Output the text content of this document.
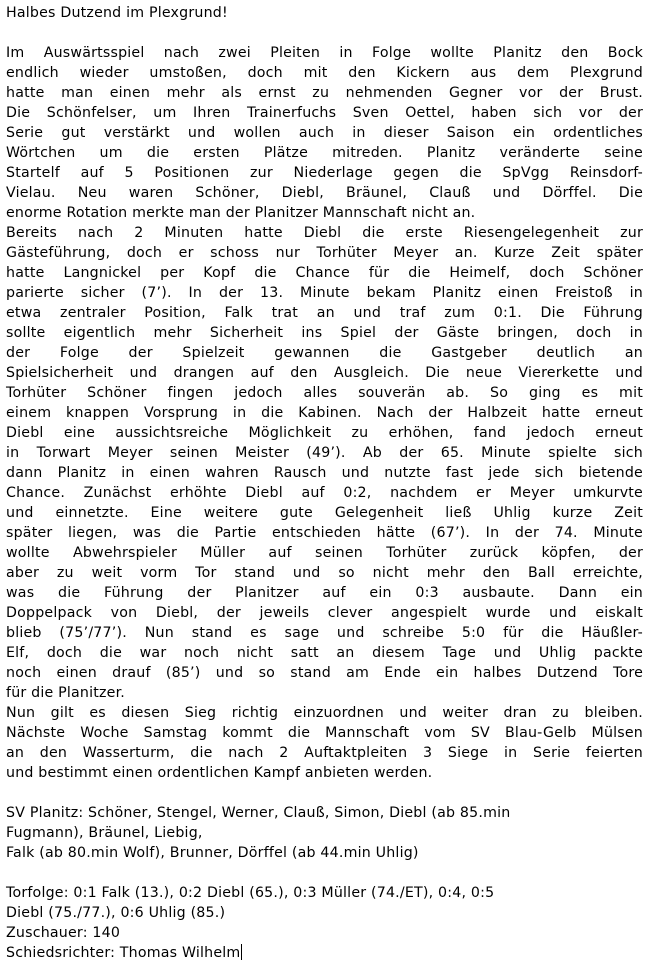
Halbes Dutzend im Plexgrund!
Im Auswärtsspiel nach zwei Pleiten in Folge wollte Planitz den Bock
endlich wieder umstoßen, doch mit den Kickern aus dem Plexgrund
hatte man einen mehr als ernst zu nehmenden Gegner vor der Brust.
Die Schönfelser, um Ihren Trainerfuchs Sven Oettel, haben sich vor der
Serie gut verstärkt und wollen auch in dieser Saison ein ordentliches
Wörtchen um die ersten Plätze mitreden. Planitz veränderte seine
Startelf auf 5 Positionen zur Niederlage gegen die SpVgg Reinsdorf-
Vielau. Neu waren Schöner, Diebl, Bräunel, Clauß und Dörffel. Die
enorme Rotation merkte man der Planitzer Mannschaft nicht an.
Bereits nach 2 Minuten hatte Diebl die erste Riesengelegenheit zur
Gästeführung, doch er schoss nur Torhüter Meyer an. Kurze Zeit später
hatte Langnickel per Kopf die Chance für die Heimelf, doch Schöner
parierte sicher (7’). In der 13. Minute bekam Planitz einen Freistoß in
etwa zentraler Position, Falk trat an und traf zum 0:1. Die Führung
sollte eigentlich mehr Sicherheit ins Spiel der Gäste bringen, doch in
der Folge der Spielzeit gewannen die Gastgeber deutlich an
Spielsicherheit und drangen auf den Ausgleich. Die neue Viererkette und
Torhüter Schöner fingen jedoch alles souverän ab. So ging es mit
einem knappen Vorsprung in die Kabinen. Nach der Halbzeit hatte erneut
Diebl eine aussichtsreiche Möglichkeit zu erhöhen, fand jedoch erneut
in Torwart Meyer seinen Meister (49’). Ab der 65. Minute spielte sich
dann Planitz in einen wahren Rausch und nutzte fast jede sich bietende
Chance. Zunächst erhöhte Diebl auf 0:2, nachdem er Meyer umkurvte
und einnetzte. Eine weitere gute Gelegenheit ließ Uhlig kurze Zeit
später liegen, was die Partie entschieden hätte (67’). In der 74. Minute
wollte Abwehrspieler Müller auf seinen Torhüter zurück köpfen, der
aber zu weit vorm Tor stand und so nicht mehr den Ball erreichte,
was die Führung der Planitzer auf ein 0:3 ausbaute. Dann ein
Doppelpack von Diebl, der jeweils clever angespielt wurde und eiskalt
blieb (75’/77’). Nun stand es sage und schreibe 5:0 für die Häußler-
Elf, doch die war noch nicht satt an diesem Tage und Uhlig packte
noch einen drauf (85’) und so stand am Ende ein halbes Dutzend Tore
für die Planitzer.
Nun gilt es diesen Sieg richtig einzuordnen und weiter dran zu bleiben.
Nächste Woche Samstag kommt die Mannschaft vom SV Blau-Gelb Mülsen
an den Wasserturm, die nach 2 Auftaktpleiten 3 Siege in Serie feierten
und bestimmt einen ordentlichen Kampf anbieten werden.
SV Planitz: Schöner, Stengel, Werner, Clauß, Simon, Diebl (ab 85.min
Fugmann), Bräunel, Liebig,
Falk (ab 80.min Wolf), Brunner, Dörffel (ab 44.min Uhlig)
Torfolge: 0:1 Falk (13.), 0:2 Diebl (65.), 0:3 Müller (74./ET), 0:4, 0:5
Diebl (75./77.), 0:6 Uhlig (85.)
Zuschauer: 140
Schiedsrichter: Thomas Wilhelm
